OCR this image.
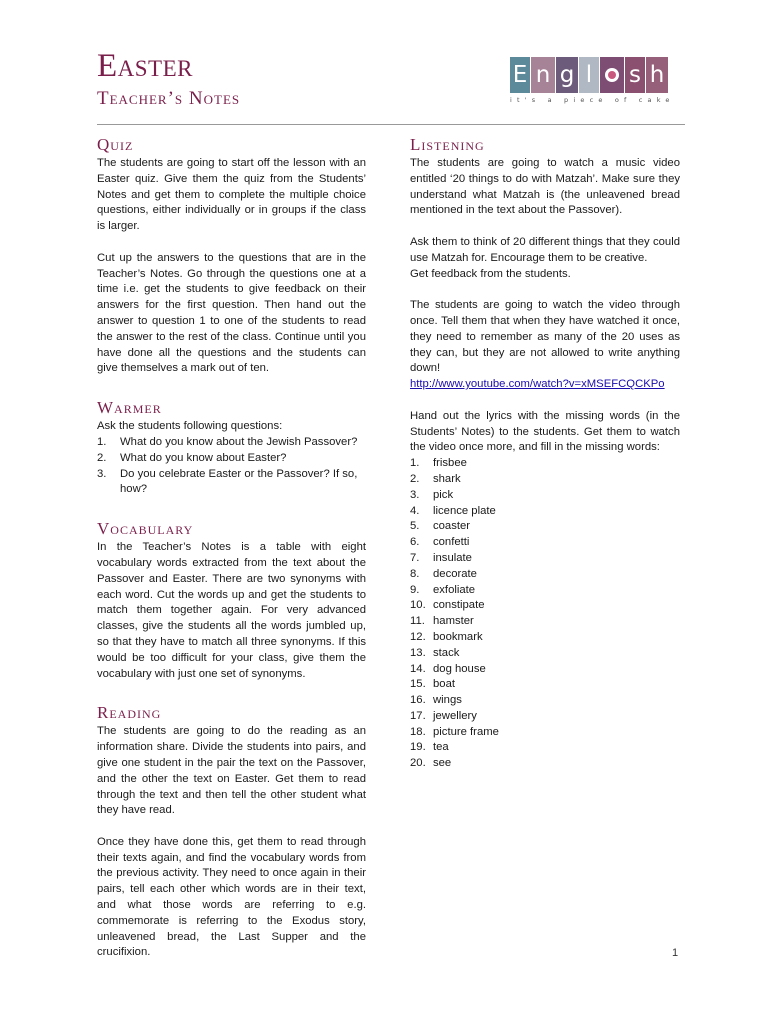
Easter
Teacher’s Notes
E n g l s h
it's a piece of cake
Quiz

The students are going to start off the lesson with an Easter quiz. Give them the quiz from the Students’ Notes and get them to complete the multiple choice questions, either individually or in groups if the class is larger.

Cut up the answers to the questions that are in the Teacher’s Notes. Go through the questions one at a time i.e. get the students to give feedback on their answers for the first question. Then hand out the answer to question 1 to one of the students to read the answer to the rest of the class. Continue until you have done all the questions and the students can give themselves a mark out of ten.

Warmer

Ask the students following questions:

1.	What do you know about the Jewish Passover?
2.	What do you know about Easter?
3.	Do you celebrate Easter or the Passover? If so, how?
Vocabulary

In the Teacher’s Notes is a table with eight vocabulary words extracted from the text about the Passover and Easter. There are two synonyms with each word. Cut the words up and get the students to match them together again. For very advanced classes, give the students all the words jumbled up, so that they have to match all three synonyms. If this would be too difficult for your class, give them the vocabulary with just one set of synonyms.

Reading

The students are going to do the reading as an information share. Divide the students into pairs, and give one student in the pair the text on the Passover, and the other the text on Easter. Get them to read through the text and then tell the other student what they have read.

Once they have done this, get them to read through their texts again, and find the vocabulary words from the previous activity. They need to once again in their pairs, tell each other which words are in their text, and what those words are referring to e.g. commemorate is referring to the Exodus story, unleavened bread, the Last Supper and the crucifixion.

Listening

The students are going to watch a music video entitled ‘20 things to do with Matzah’. Make sure they understand what Matzah is (the unleavened bread mentioned in the text about the Passover).

Ask them to think of 20 different things that they could use Matzah for. Encourage them to be creative.

Get feedback from the students.

The students are going to watch the video through once. Tell them that when they have watched it once, they need to remember as many of the 20 uses as they can, but they are not allowed to write anything down!

http://www.youtube.com/watch?v=xMSEFCQCKPo

Hand out the lyrics with the missing words (in the Students’ Notes) to the students. Get them to watch the video once more, and fill in the missing words:

1.	frisbee
2.	shark
3.	pick
4.	licence plate
5.	coaster
6.	confetti
7.	insulate
8.	decorate
9.	exfoliate
10. constipate
11. hamster
12. bookmark
13. stack
14. dog house
15. boat
16. wings
17. jewellery
18. picture frame
19. tea
20. see
1
